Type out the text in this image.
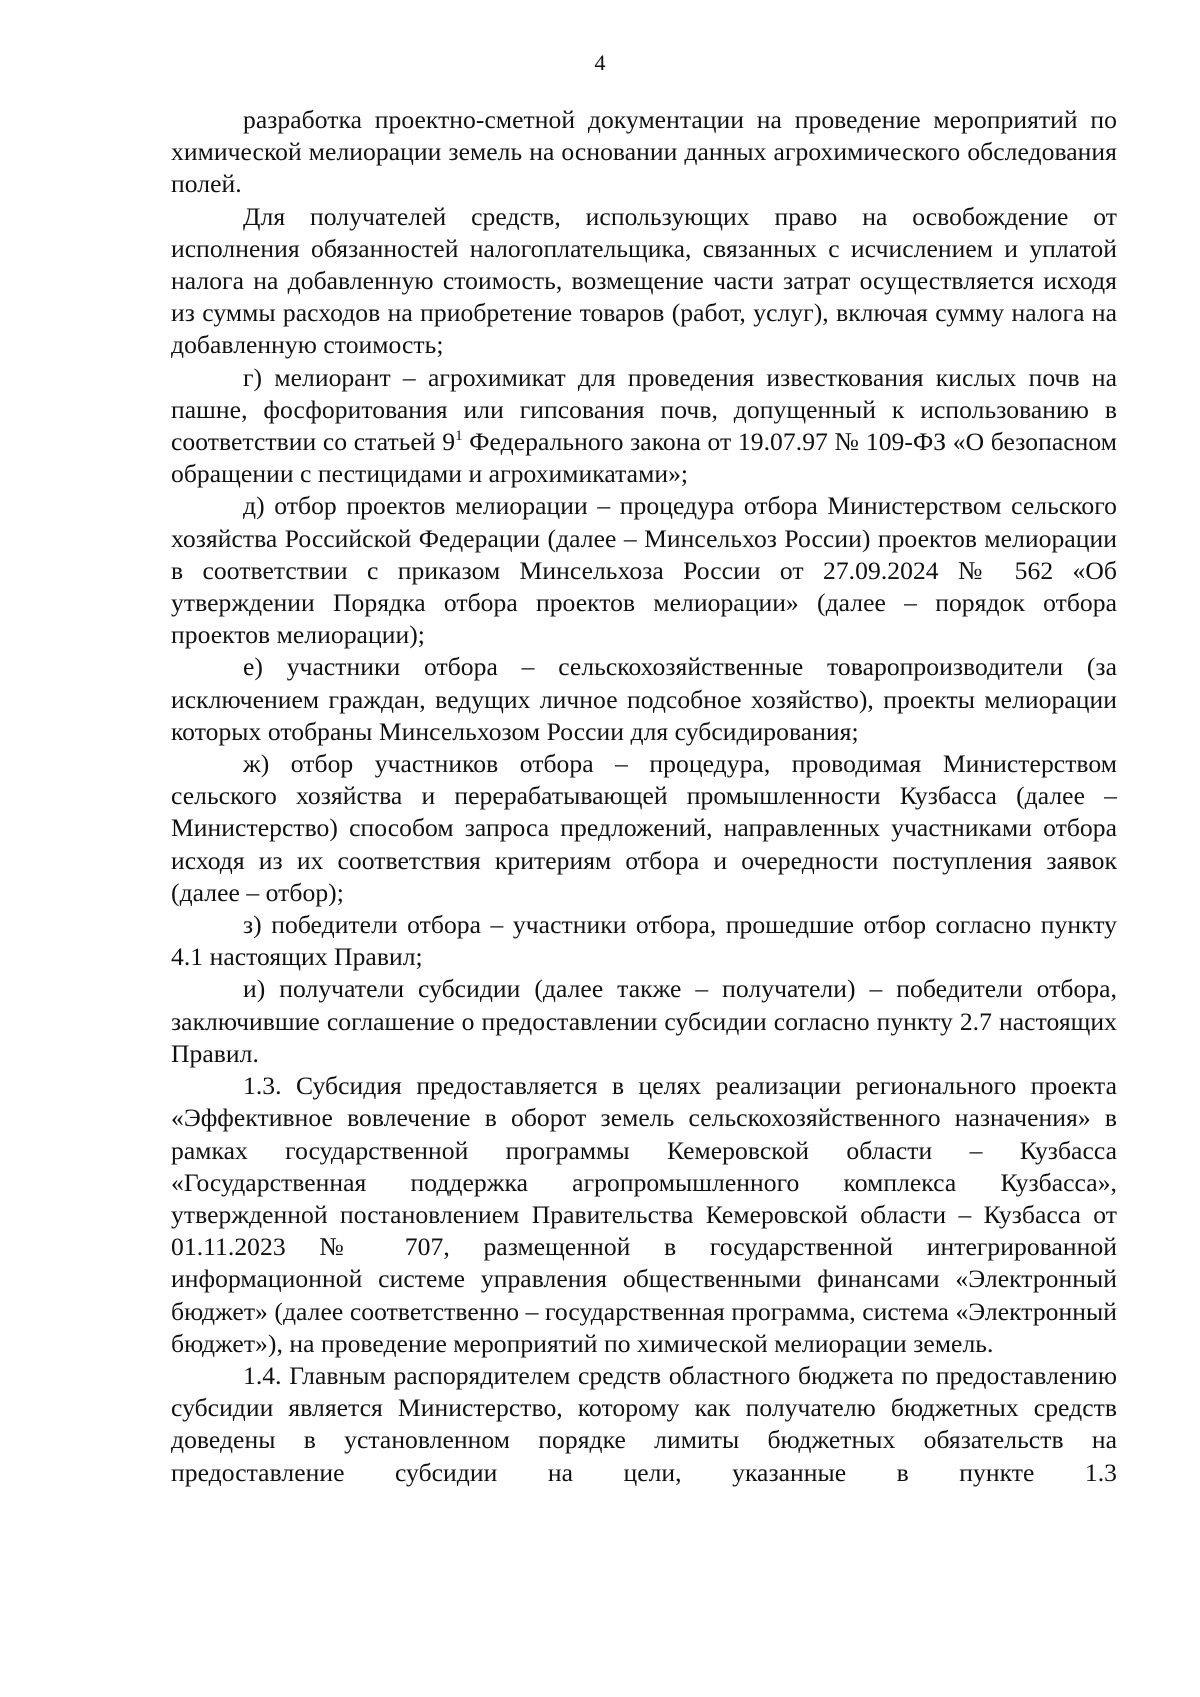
4

разработка проектно-сметной документации на проведение мероприятий по химической мелиорации земель на основании данных агрохимического обследования полей.

Для получателей средств, использующих право на освобождение от исполнения обязанностей налогоплательщика, связанных с исчислением и уплатой налога на добавленную стоимость, возмещение части затрат осуществляется исходя из суммы расходов на приобретение товаров (работ, услуг), включая сумму налога на добавленную стоимость;

г) мелиорант – агрохимикат для проведения известкования кислых почв на пашне, фосфоритования или гипсования почв, допущенный к использованию в соответствии со статьей $9^1$ Федерального закона от 19.07.97 № 109-ФЗ «О безопасном обращении с пестицидами и агрохимикатами»;

д) отбор проектов мелиорации – процедура отбора Министерством сельского хозяйства Российской Федерации (далее – Минсельхоз России) проектов мелиорации в соответствии с приказом Минсельхоза России от 27.09.2024 № 562 «Об утверждении Порядка отбора проектов мелиорации» (далее – порядок отбора проектов мелиорации);

е) участники отбора – сельскохозяйственные товаропроизводители (за исключением граждан, ведущих личное подсобное хозяйство), проекты мелиорации которых отобраны Минсельхозом России для субсидирования;

ж) отбор участников отбора – процедура, проводимая Министерством сельского хозяйства и перерабатывающей промышленности Кузбасса (далее – Министерство) способом запроса предложений, направленных участниками отбора исходя из их соответствия критериям отбора и очередности поступления заявок (далее – отбор);

з) победители отбора – участники отбора, прошедшие отбор согласно пункту 4.1 настоящих Правил;

и) получатели субсидии (далее также – получатели) – победители отбора, заключившие соглашение о предоставлении субсидии согласно пункту 2.7 настоящих Правил.

1.3. Субсидия предоставляется в целях реализации регионального проекта «Эффективное вовлечение в оборот земель сельскохозяйственного назначения» в рамках государственной программы Кемеровской области – Кузбасса «Государственная поддержка агропромышленного комплекса Кузбасса», утвержденной постановлением Правительства Кемеровской области – Кузбасса от 01.11.2023 № 707, размещенной в государственной интегрированной информационной системе управления общественными финансами «Электронный бюджет» (далее соответственно – государственная программа, система «Электронный бюджет»), на проведение мероприятий по химической мелиорации земель.

1.4. Главным распорядителем средств областного бюджета по предоставлению субсидии является Министерство, которому как получателю бюджетных средств доведены в установленном порядке лимиты бюджетных обязательств на предоставление субсидии на цели, указанные в пункте 1.3
